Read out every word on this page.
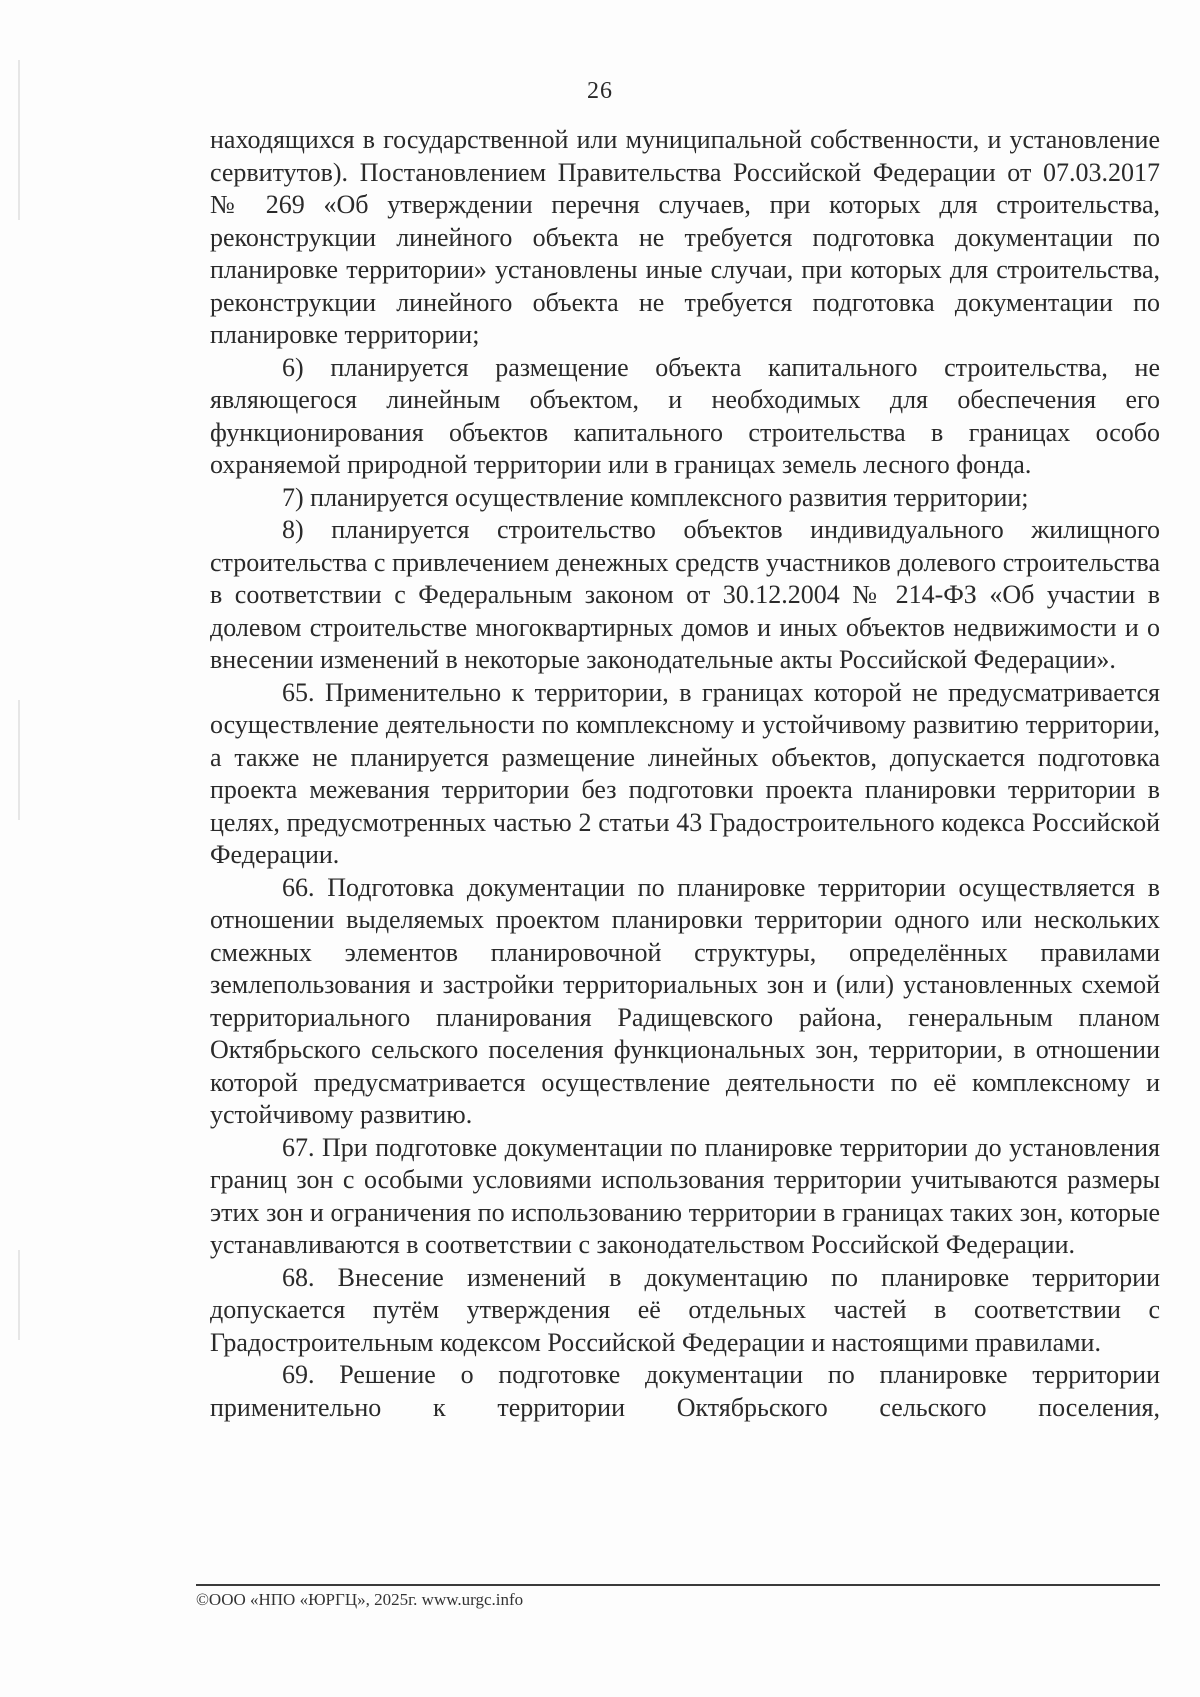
26

находящихся в государственной или муниципальной собственности, и установление сервитутов). Постановлением Правительства Российской Федерации от 07.03.2017 № 269 «Об утверждении перечня случаев, при которых для строительства, реконструкции линейного объекта не требуется подготовка документации по планировке территории» установлены иные случаи, при которых для строительства, реконструкции линейного объекта не требуется подготовка документации по планировке территории;

6) планируется размещение объекта капитального строительства, не являющегося линейным объектом, и необходимых для обеспечения его функционирования объектов капитального строительства в границах особо охраняемой природной территории или в границах земель лесного фонда.

7) планируется осуществление комплексного развития территории;

8) планируется строительство объектов индивидуального жилищного строительства с привлечением денежных средств участников долевого строительства в соответствии с Федеральным законом от 30.12.2004 № 214-ФЗ «Об участии в долевом строительстве многоквартирных домов и иных объектов недвижимости и о внесении изменений в некоторые законодательные акты Российской Федерации».

65. Применительно к территории, в границах которой не предусматривается осуществление деятельности по комплексному и устойчивому развитию территории, а также не планируется размещение линейных объектов, допускается подготовка проекта межевания территории без подготовки проекта планировки территории в целях, предусмотренных частью 2 статьи 43 Градостроительного кодекса Российской Федерации.

66. Подготовка документации по планировке территории осуществляется в отношении выделяемых проектом планировки территории одного или нескольких смежных элементов планировочной структуры, определённых правилами землепользования и застройки территориальных зон и (или) установленных схемой территориального планирования Радищевского района, генеральным планом Октябрьского сельского поселения функциональных зон, территории, в отношении которой предусматривается осуществление деятельности по её комплексному и устойчивому развитию.

67. При подготовке документации по планировке территории до установления границ зон с особыми условиями использования территории учитываются размеры этих зон и ограничения по использованию территории в границах таких зон, которые устанавливаются в соответствии с законодательством Российской Федерации.

68. Внесение изменений в документацию по планировке территории допускается путём утверждения её отдельных частей в соответствии с Градостроительным кодексом Российской Федерации и настоящими правилами.

69. Решение о подготовке документации по планировке территории применительно к территории Октябрьского сельского поселения,

©ООО «НПО «ЮРГЦ», 2025г. www.urgc.info
